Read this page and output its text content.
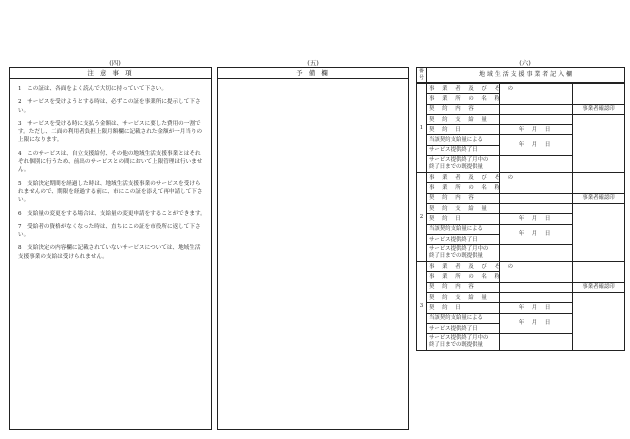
(四)	(五)	(六)
注 意 事 項
1　この証は、各面をよく読んで大切に持っていて下さい。
2　サービスを受けようとする時は、必ずこの証を事業所に提示して下さい。
3　サービスを受ける時に支払う金額は、サービスに要した費用の一割です。ただし、二面の利用者負担上限月額欄に記載された金額が一月当りの上限になります。
4　このサービスは、自立支援給付、その他の地域生活支援事業とはそれぞれ個別に行うため、前出のサービスとの間において上限管理は行いません。
5　支給決定期間を経過した時は、地域生活支援事業のサービスを受けられませんので、期限を経過する前に、市にこの証を添えて再申請して下さい。
6　支給量の変更をする場合は、支給量の変更申請をすることができます。
7　受給者の資格がなくなった時は、直ちにこの証を市役所に返して下さい。
8　支給決定の内容欄に記載されていないサービスについては、地域生活支援事業の支給は受けられません。
予 備 欄	番号	地 域 生 活 支 援 事 業 者 記 入 欄
1	事 業 者 及 び そ の		
	事 業 所 の 名 称		
	契 約 内 容		事業者確認印
	契 約 支 給 量		
	契 約 日	年 月 日	
	当該契約支給量による	年 月 日	
	サービス提供終了日		
	サービス提供終了月中の
終了日までの既提供量		
2	事 業 者 及 び そ の		
	事 業 所 の 名 称		
	契 約 内 容		事業者確認印
	契 約 支 給 量		
	契 約 日	年 月 日	
	当該契約支給量による	年 月 日	
	サービス提供終了日		
	サービス提供終了月中の
終了日までの既提供量		
3	事 業 者 及 び そ の		
	事 業 所 の 名 称		
	契 約 内 容		事業者確認印
	契 約 支 給 量		
	契 約 日	年 月 日	
	当該契約支給量による	年 月 日	
	サービス提供終了日		
	サービス提供終了月中の
終了日までの既提供量		
